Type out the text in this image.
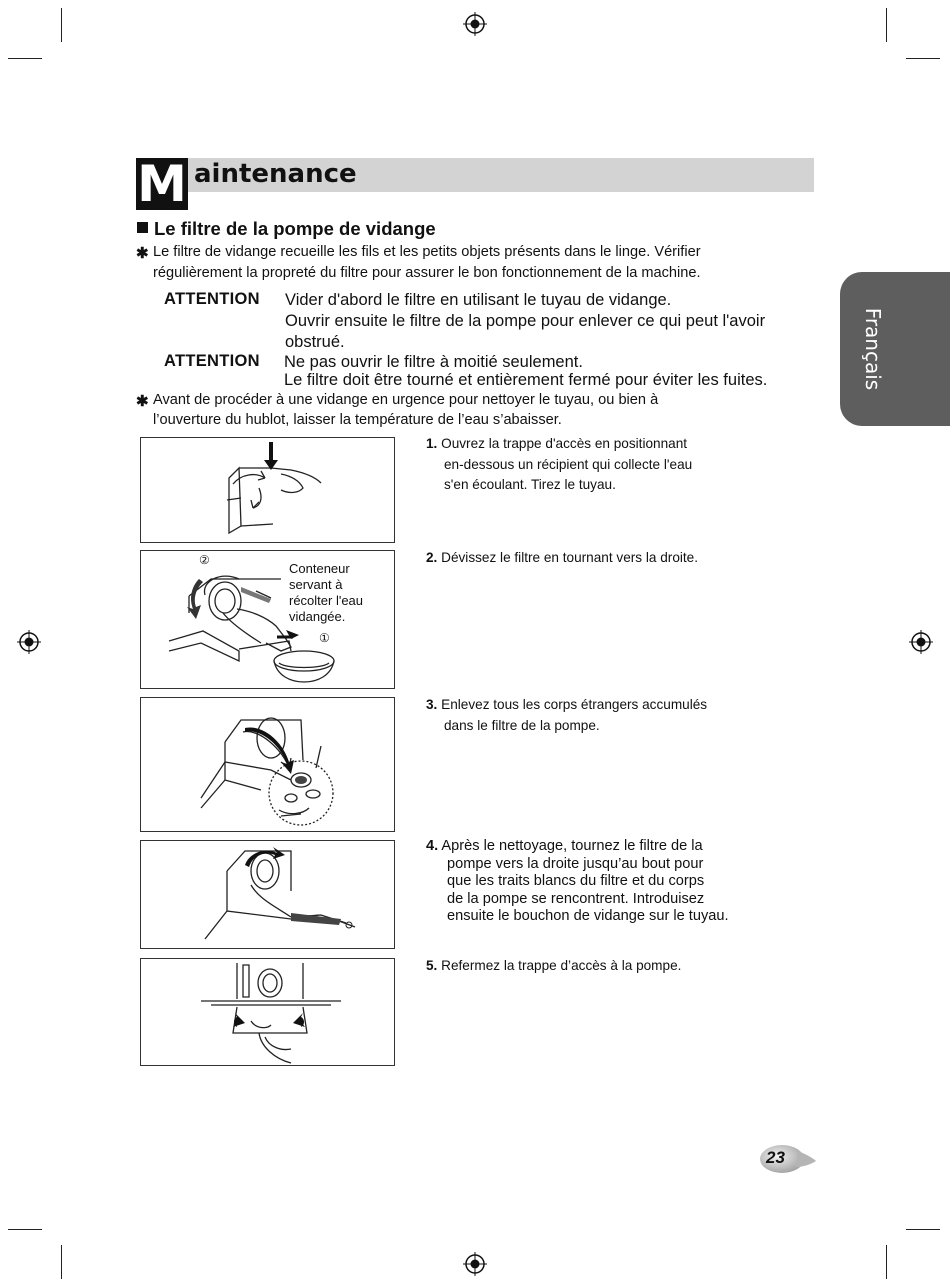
M aintenance
Français
Le filtre de la pompe de vidange
✱ Le filtre de vidange recueille les fils et les petits objets présents dans le linge. Vérifier
régulièrement la propreté du filtre pour assurer le bon fonctionnement de la machine.
ATTENTION Vider d'abord le filtre en utilisant le tuyau de vidange.
Ouvrir ensuite le filtre de la pompe pour enlever ce qui peut l'avoir
obstrué.
ATTENTION Ne pas ouvrir le filtre à moitié seulement.
Le filtre doit être tourné et entièrement fermé pour éviter les fuites.
✱ Avant de procéder à une vidange en urgence pour nettoyer le tuyau, ou bien à
l’ouverture du hublot, laisser la température de l’eau s’abaisser.
②
①
Conteneur
servant à
récolter l'eau
vidangée.
1. Ouvrez la trappe d'accès en positionnant
en-dessous un récipient qui collecte l'eau
s'en écoulant. Tirez le tuyau.
2. Dévissez le filtre en tournant vers la droite.
3. Enlevez tous les corps étrangers accumulés
dans le filtre de la pompe.
4. Après le nettoyage, tournez le filtre de la
pompe vers la droite jusqu’au bout pour
que les traits blancs du filtre et du corps
de la pompe se rencontrent. Introduisez
ensuite le bouchon de vidange sur le tuyau.
5. Refermez la trappe d’accès à la pompe.
23
